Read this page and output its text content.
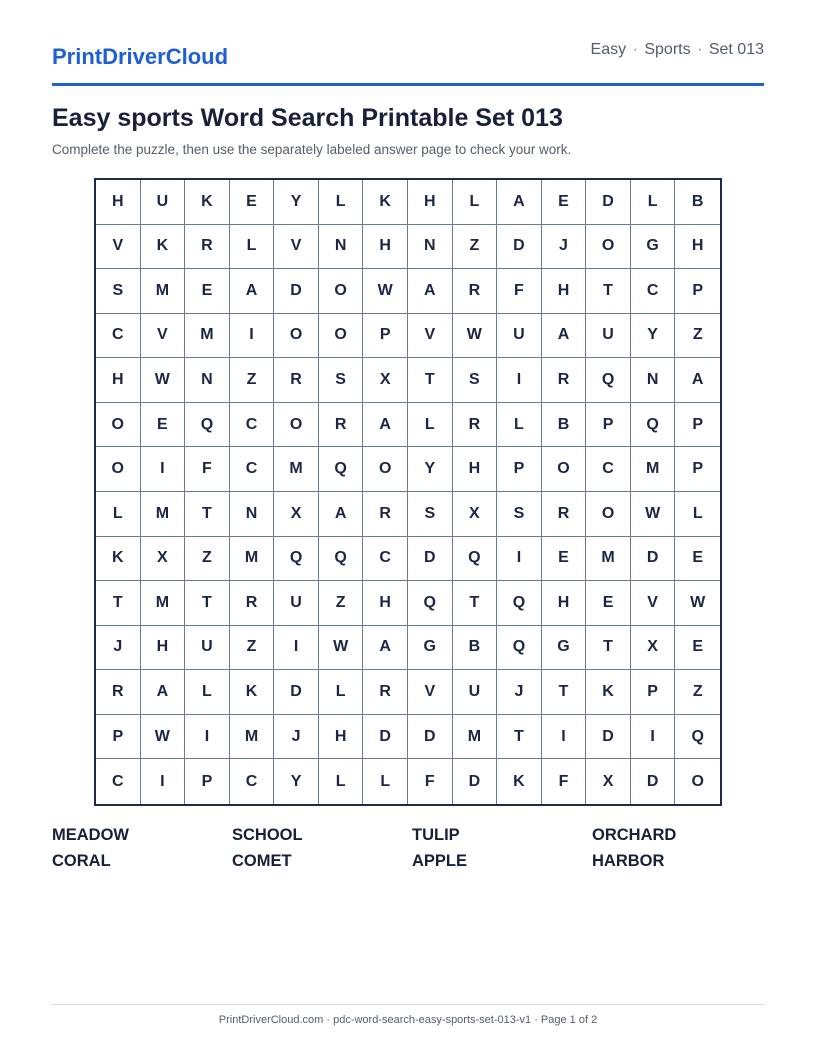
PrintDriverCloud	Easy · Sports · Set 013
Easy sports Word Search Printable Set 013

Complete the puzzle, then use the separately labeled answer page to check your work.

H	U	K	E	Y	L	K	H	L	A	E	D	L	B
V	K	R	L	V	N	H	N	Z	D	J	O	G	H
S	M	E	A	D	O	W	A	R	F	H	T	C	P
C	V	M	I	O	O	P	V	W	U	A	U	Y	Z
H	W	N	Z	R	S	X	T	S	I	R	Q	N	A
O	E	Q	C	O	R	A	L	R	L	B	P	Q	P
O	I	F	C	M	Q	O	Y	H	P	O	C	M	P
L	M	T	N	X	A	R	S	X	S	R	O	W	L
K	X	Z	M	Q	Q	C	D	Q	I	E	M	D	E
T	M	T	R	U	Z	H	Q	T	Q	H	E	V	W
J	H	U	Z	I	W	A	G	B	Q	G	T	X	E
R	A	L	K	D	L	R	V	U	J	T	K	P	Z
P	W	I	M	J	H	D	D	M	T	I	D	I	Q
C	I	P	C	Y	L	L	F	D	K	F	X	D	O
MEADOW	SCHOOL	TULIP	ORCHARD
CORAL	COMET	APPLE	HARBOR
PrintDriverCloud.com · pdc-word-search-easy-sports-set-013-v1 · Page 1 of 2
